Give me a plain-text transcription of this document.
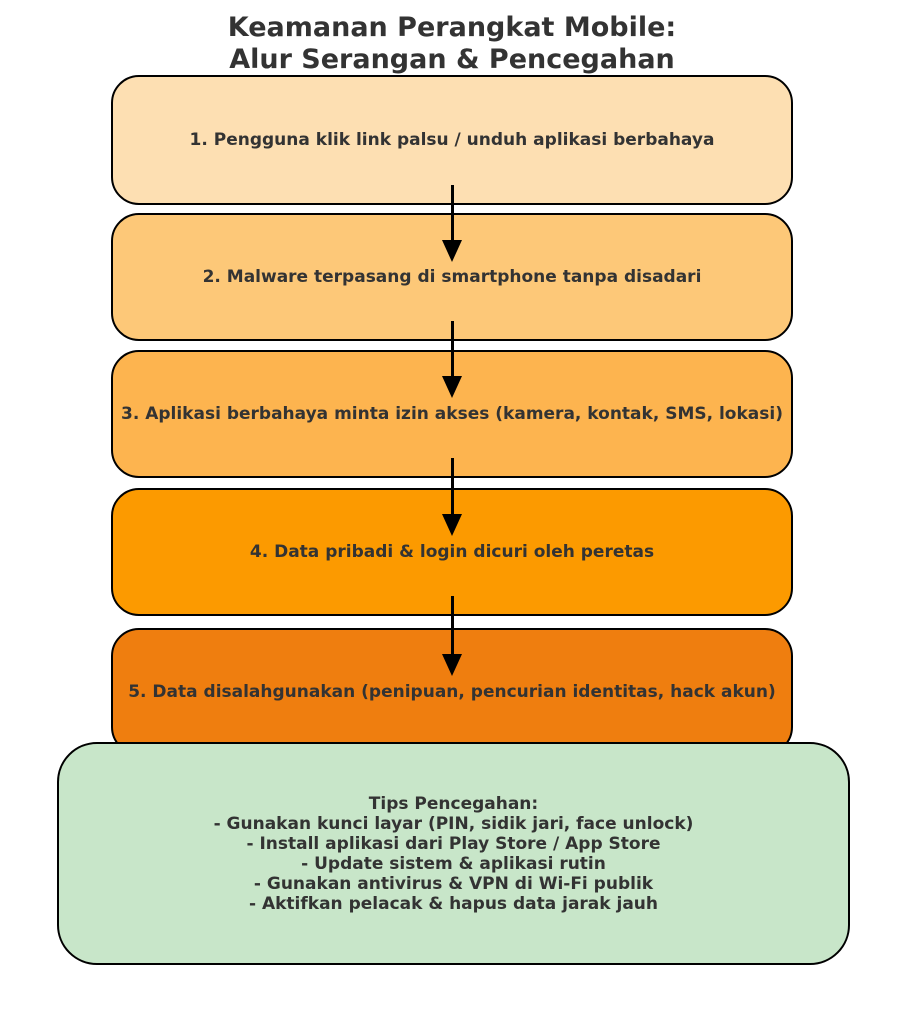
Keamanan Perangkat Mobile:
Alur Serangan & Pencegahan
1. Pengguna klik link palsu / unduh aplikasi berbahaya
2. Malware terpasang di smartphone tanpa disadari
3. Aplikasi berbahaya minta izin akses (kamera, kontak, SMS, lokasi)
4. Data pribadi & login dicuri oleh peretas
5. Data disalahgunakan (penipuan, pencurian identitas, hack akun)
Tips Pencegahan:
- Gunakan kunci layar (PIN, sidik jari, face unlock)
- Install aplikasi dari Play Store / App Store
- Update sistem & aplikasi rutin
- Gunakan antivirus & VPN di Wi-Fi publik
- Aktifkan pelacak & hapus data jarak jauh
